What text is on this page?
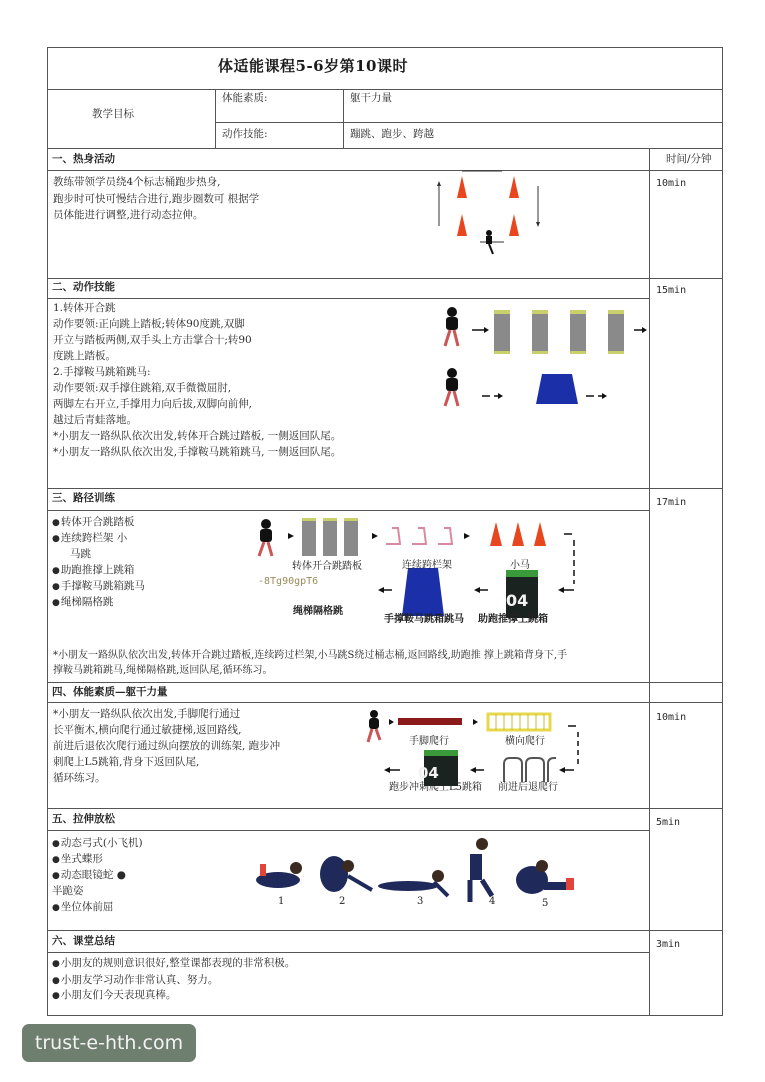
体适能课程5-6岁第10课时
教学目标
体能素质:	躯干力量
动作技能:	蹦跳、跑步、跨越
一、热身活动	时间/分钟
10min
教练带领学员绕4个标志桶跑步热身,
跑步时可快可慢结合进行,跑步圈数可 根据学
员体能进行调整,进行动态拉伸。
二、动作技能	15min
1.转体开合跳
动作要领:正向跳上踏板;转体90度跳,双脚
开立与踏板两侧,双手头上方击掌合十;转90
度跳上踏板。
2.手撑鞍马跳箱跳马:
动作要领:双手撑住跳箱,双手微微屈肘,
两脚左右开立,手撑用力向后拔,双脚向前伸,
越过后青蛙落地。
*小朋友一路纵队依次出发,转体开合跳过踏板, 一侧返回队尾。
*小朋友一路纵队依次出发,手撑鞍马跳箱跳马, 一侧返回队尾。
三、路径训练	17min
● 转体开合跳踏板
● 连续跨栏架 小
马跳
● 助跑推撑上跳箱
● 手撑鞍马跳箱跳马
● 绳梯隔格跳
转体开合跳踏板	连续跨栏架	小马
-8Tg90gpT6
绳梯隔格跳
手撑鞍马跳箱跳马 助跑推撑上跳箱
04
*小朋友一路纵队依次出发,转体开合跳过踏板,连续跨过栏架,小马跳S绕过桶志桶,返回路线,助跑推 撑上跳箱背身下,手
撑鞍马跳箱跳马,绳梯隔格跳,返回队尾,循环练习。
四、体能素质—躯干力量
10min
*小朋友一路纵队依次出发,手脚爬行通过
长平衡木,横向爬行通过敏捷梯,返回路线,
前进后退依次爬行通过纵向摆放的训练架, 跑步冲
刺爬上L5跳箱,背身下返回队尾,
循环练习。
手脚爬行	横向爬行
跑步冲刺爬上L5跳箱 前进后退爬行
04
五、拉伸放松	5min
● 动态弓式(小飞机)
● 坐式蝶形
● 动态眼镜蛇 ●
半跪姿
● 坐位体前屈	1	2	3	4	5
六、课堂总结	3min
● 小朋友的规则意识很好,整堂课都表现的非常积极。
● 小朋友学习动作非常认真、努力。
● 小朋友们今天表现真棒。
trust-e-hth.com
